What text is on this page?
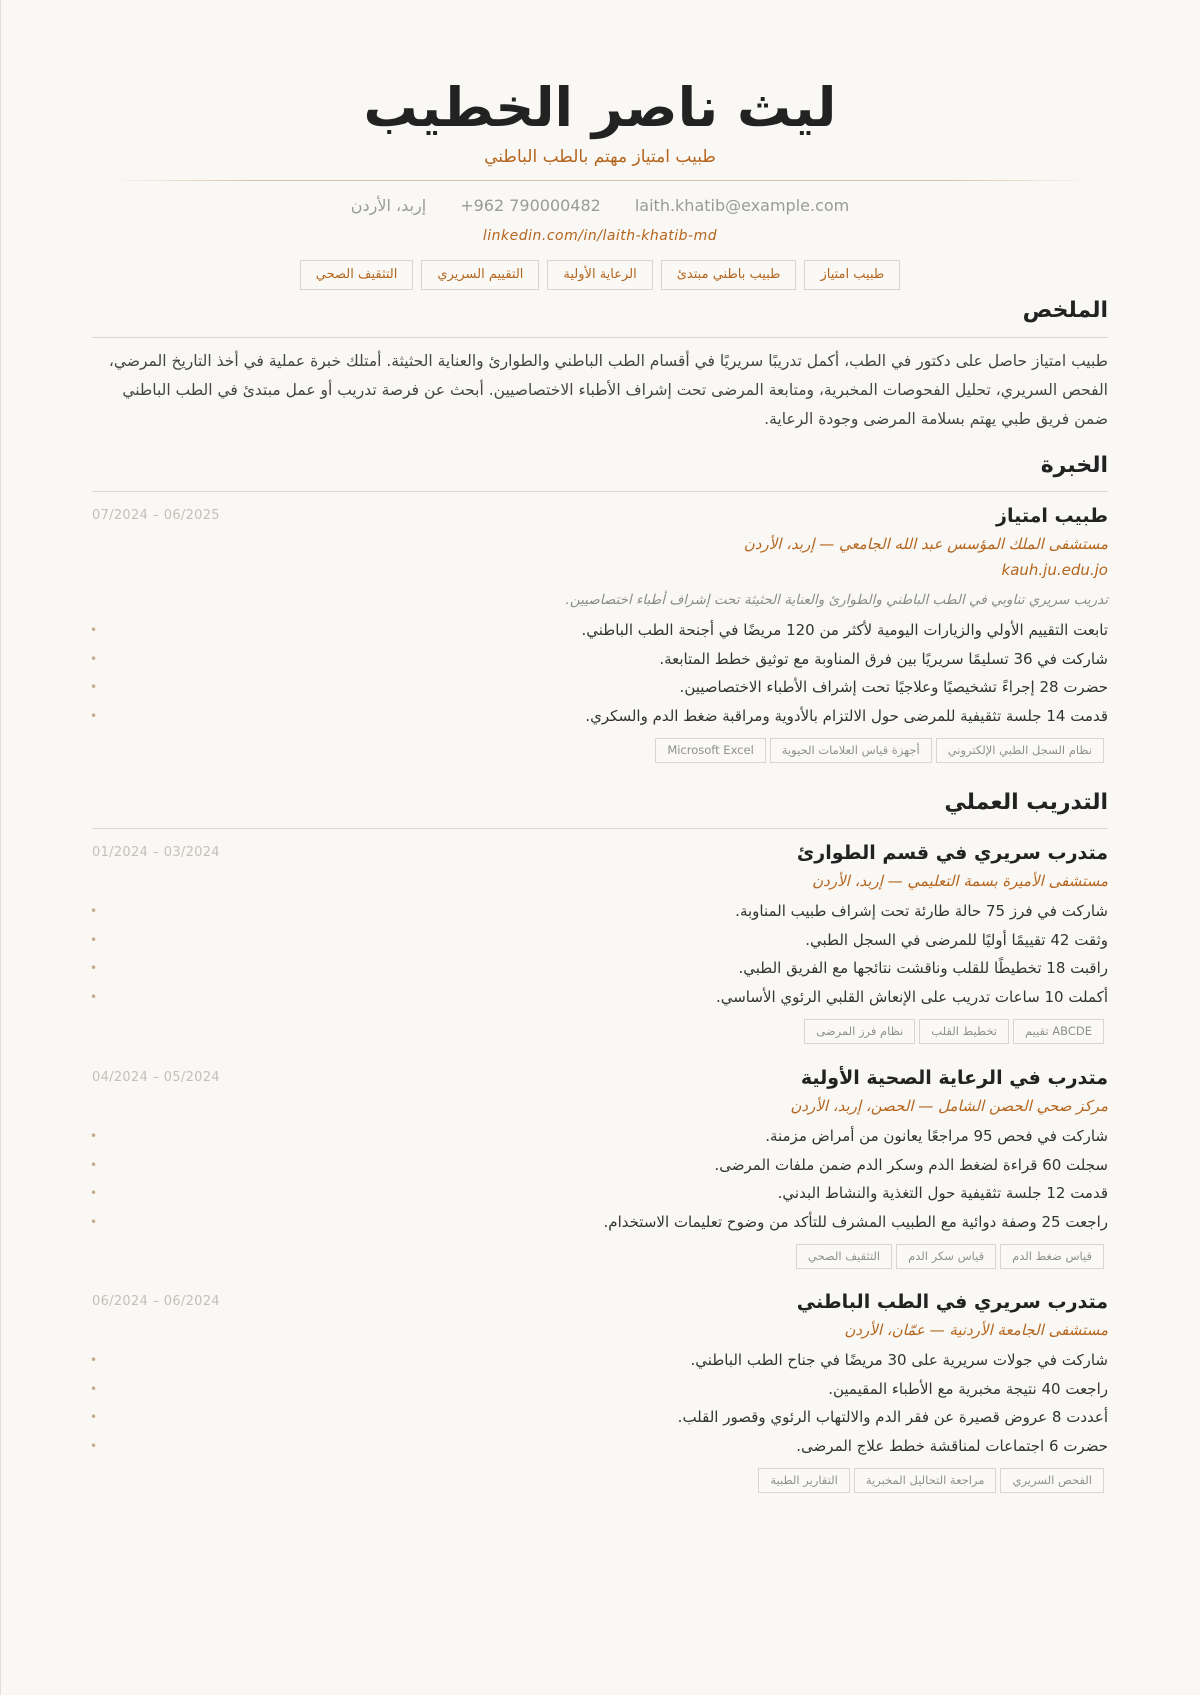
ليث ناصر الخطيب
طبيب امتياز مهتم بالطب الباطني
إربد، الأردن +962 790000482 laith.khatib@example.com
linkedin.com/in/laith-khatib-md
طبيب امتياز
طبيب باطني مبتدئ
الرعاية الأولية
التقييم السريري
التثقيف الصحي
الملخص
طبيب امتياز حاصل على دكتور في الطب، أكمل تدريبًا سريريًا في أقسام الطب الباطني والطوارئ والعناية الحثيثة. أمتلك خبرة عملية في أخذ التاريخ المرضي، الفحص السريري، تحليل الفحوصات المخبرية، ومتابعة المرضى تحت إشراف الأطباء الاختصاصيين. أبحث عن فرصة تدريب أو عمل مبتدئ في الطب الباطني ضمن فريق طبي يهتم بسلامة المرضى وجودة الرعاية.
الخبرة
07/2024 – 06/2025	طبيب امتياز
مستشفى الملك المؤسس عبد الله الجامعي — إربد، الأردن
kauh.ju.edu.jo
تدريب سريري تناوبي في الطب الباطني والطوارئ والعناية الحثيثة تحت إشراف أطباء اختصاصيين.
تابعت التقييم الأولي والزيارات اليومية لأكثر من 120 مريضًا في أجنحة الطب الباطني. •
شاركت في 36 تسليمًا سريريًا بين فرق المناوبة مع توثيق خطط المتابعة. •
حضرت 28 إجراءً تشخيصيًا وعلاجيًا تحت إشراف الأطباء الاختصاصيين. •
قدمت 14 جلسة تثقيفية للمرضى حول الالتزام بالأدوية ومراقبة ضغط الدم والسكري. •
نظام السجل الطبي الإلكتروني
أجهزة قياس العلامات الحيوية
Microsoft Excel
التدريب العملي
01/2024 – 03/2024	متدرب سريري في قسم الطوارئ
مستشفى الأميرة بسمة التعليمي — إربد، الأردن
شاركت في فرز 75 حالة طارئة تحت إشراف طبيب المناوبة. •
وثقت 42 تقييمًا أوليًا للمرضى في السجل الطبي. •
راقبت 18 تخطيطًا للقلب وناقشت نتائجها مع الفريق الطبي. •
أكملت 10 ساعات تدريب على الإنعاش القلبي الرئوي الأساسي. •
تقييم ABCDE
تخطيط القلب
نظام فرز المرضى
04/2024 – 05/2024	متدرب في الرعاية الصحية الأولية
مركز صحي الحصن الشامل — الحصن، إربد، الأردن
شاركت في فحص 95 مراجعًا يعانون من أمراض مزمنة. •
سجلت 60 قراءة لضغط الدم وسكر الدم ضمن ملفات المرضى. •
قدمت 12 جلسة تثقيفية حول التغذية والنشاط البدني. •
راجعت 25 وصفة دوائية مع الطبيب المشرف للتأكد من وضوح تعليمات الاستخدام. •
قياس ضغط الدم
قياس سكر الدم
التثقيف الصحي
06/2024 – 06/2024	متدرب سريري في الطب الباطني
مستشفى الجامعة الأردنية — عمّان، الأردن
شاركت في جولات سريرية على 30 مريضًا في جناح الطب الباطني. •
راجعت 40 نتيجة مخبرية مع الأطباء المقيمين. •
أعددت 8 عروض قصيرة عن فقر الدم والالتهاب الرئوي وقصور القلب. •
حضرت 6 اجتماعات لمناقشة خطط علاج المرضى. •
الفحص السريري
مراجعة التحاليل المخبرية
التقارير الطبية
